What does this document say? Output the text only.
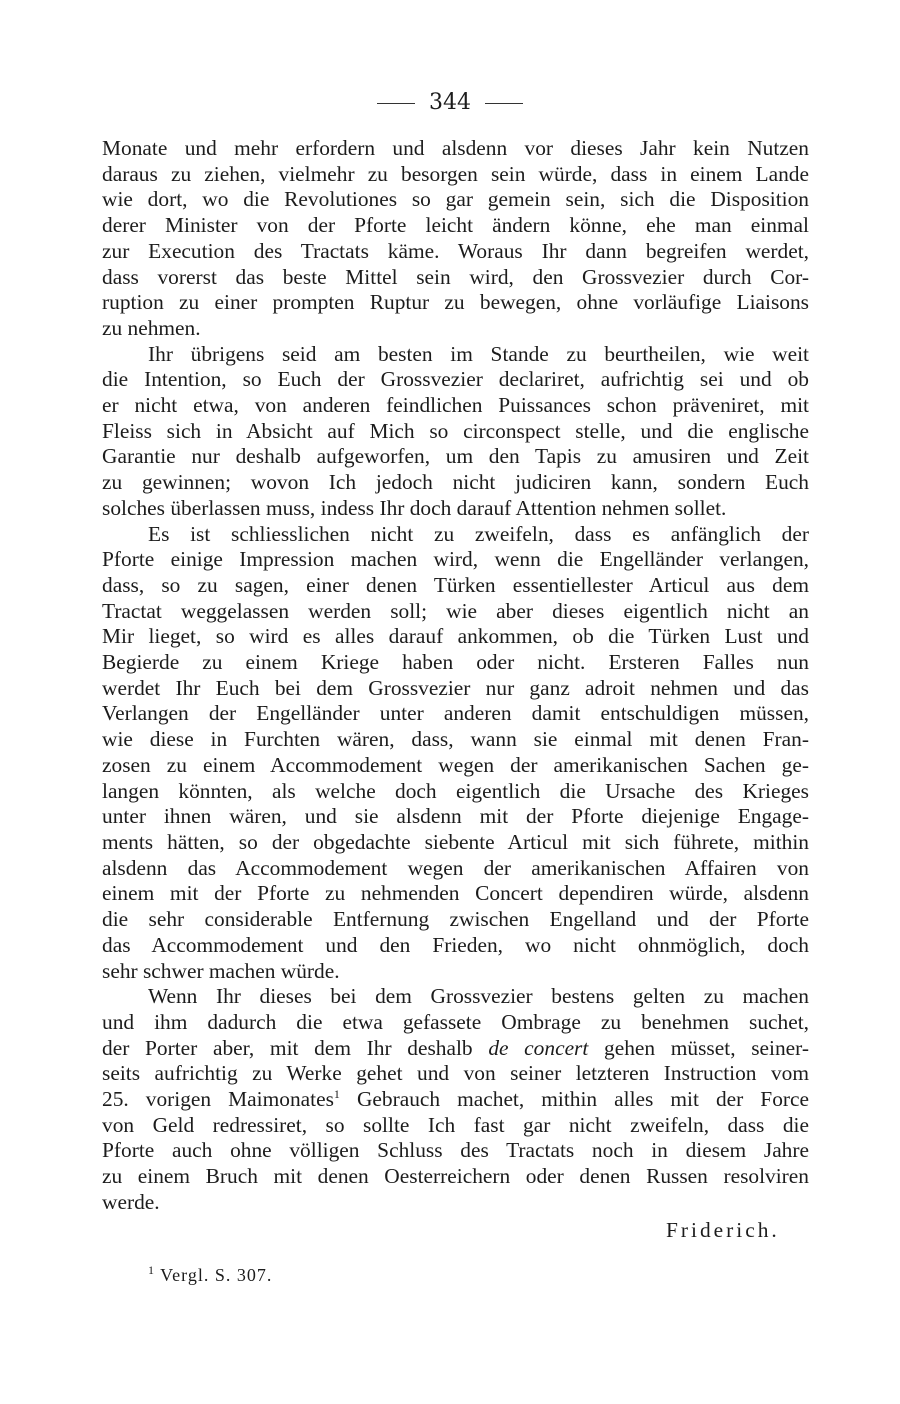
344
Monate und mehr erfordern und alsdenn vor dieses Jahr kein Nutzen
daraus zu ziehen, vielmehr zu besorgen sein würde, dass in einem Lande
wie dort, wo die Revolutiones so gar gemein sein, sich die Disposition
derer Minister von der Pforte leicht ändern könne, ehe man einmal
zur Execution des Tractats käme. Woraus Ihr dann begreifen werdet,
dass vorerst das beste Mittel sein wird, den Grossvezier durch Cor-
ruption zu einer prompten Ruptur zu bewegen, ohne vorläufige Liaisons
zu nehmen.
Ihr übrigens seid am besten im Stande zu beurtheilen, wie weit
die Intention, so Euch der Grossvezier declariret, aufrichtig sei und ob
er nicht etwa, von anderen feindlichen Puissances schon präveniret, mit
Fleiss sich in Absicht auf Mich so circonspect stelle, und die englische
Garantie nur deshalb aufgeworfen, um den Tapis zu amusiren und Zeit
zu gewinnen; wovon Ich jedoch nicht judiciren kann, sondern Euch
solches überlassen muss, indess Ihr doch darauf Attention nehmen sollet.
Es ist schliesslichen nicht zu zweifeln, dass es anfänglich der
Pforte einige Impression machen wird, wenn die Engelländer verlangen,
dass, so zu sagen, einer denen Türken essentiellester Articul aus dem
Tractat weggelassen werden soll; wie aber dieses eigentlich nicht an
Mir lieget, so wird es alles darauf ankommen, ob die Türken Lust und
Begierde zu einem Kriege haben oder nicht. Ersteren Falles nun
werdet Ihr Euch bei dem Grossvezier nur ganz adroit nehmen und das
Verlangen der Engelländer unter anderen damit entschuldigen müssen,
wie diese in Furchten wären, dass, wann sie einmal mit denen Fran-
zosen zu einem Accommodement wegen der amerikanischen Sachen ge-
langen könnten, als welche doch eigentlich die Ursache des Krieges
unter ihnen wären, und sie alsdenn mit der Pforte diejenige Engage-
ments hätten, so der obgedachte siebente Articul mit sich führete, mithin
alsdenn das Accommodement wegen der amerikanischen Affairen von
einem mit der Pforte zu nehmenden Concert dependiren würde, alsdenn
die sehr considerable Entfernung zwischen Engelland und der Pforte
das Accommodement und den Frieden, wo nicht ohnmöglich, doch
sehr schwer machen würde.
Wenn Ihr dieses bei dem Grossvezier bestens gelten zu machen
und ihm dadurch die etwa gefassete Ombrage zu benehmen suchet,
der Porter aber, mit dem Ihr deshalb de concert gehen müsset, seiner-
seits aufrichtig zu Werke gehet und von seiner letzteren Instruction vom
25. vorigen Maimonates$^1$ Gebrauch machet, mithin alles mit der Force
von Geld redressiret, so sollte Ich fast gar nicht zweifeln, dass die
Pforte auch ohne völligen Schluss des Tractats noch in diesem Jahre
zu einem Bruch mit denen Oesterreichern oder denen Russen resolviren
werde.
Friderich.
$^1$ Vergl. S. 307.
